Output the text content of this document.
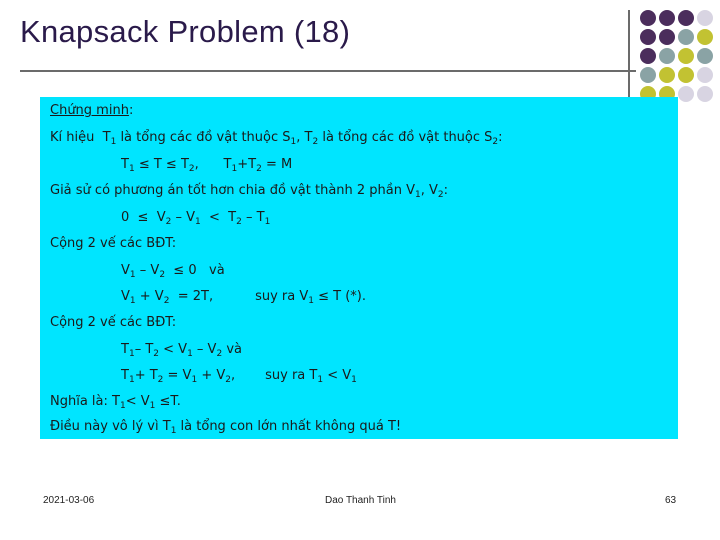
Knapsack Problem (18)
Chứng minh:
Kí hiệu  $T_1$ là tổng các đồ vật thuộc $S_1$, $T_2$ là tổng các đồ vật thuộc $S_2$:
$T_1 \le T \le T_2$,      $T_1+T_2 = M$
Giả sử có phương án tốt hơn chia đồ vật thành 2 phần $V_1$, $V_2$:
$0 \le V_2 - V_1 < T_2 - T_1$
Cộng 2 vế các BĐT:
$V_1 - V_2 \le 0$   và
$V_1 + V_2 = 2T$,	suy ra $V_1 \le T$ (*).
Cộng 2 vế các BĐT:
$T_1-$ $T_2 < V_1 - V_2$ và
$T_1+ T_2 = V_1 + V_2$, suy ra $T_1 < V_1$
Nghĩa là: $T_1< V_1 \le T$.
Điều này vô lý vì $T_1$ là tổng con lớn nhất không quá T!
2021-03-06	Dao Thanh Tinh	63
